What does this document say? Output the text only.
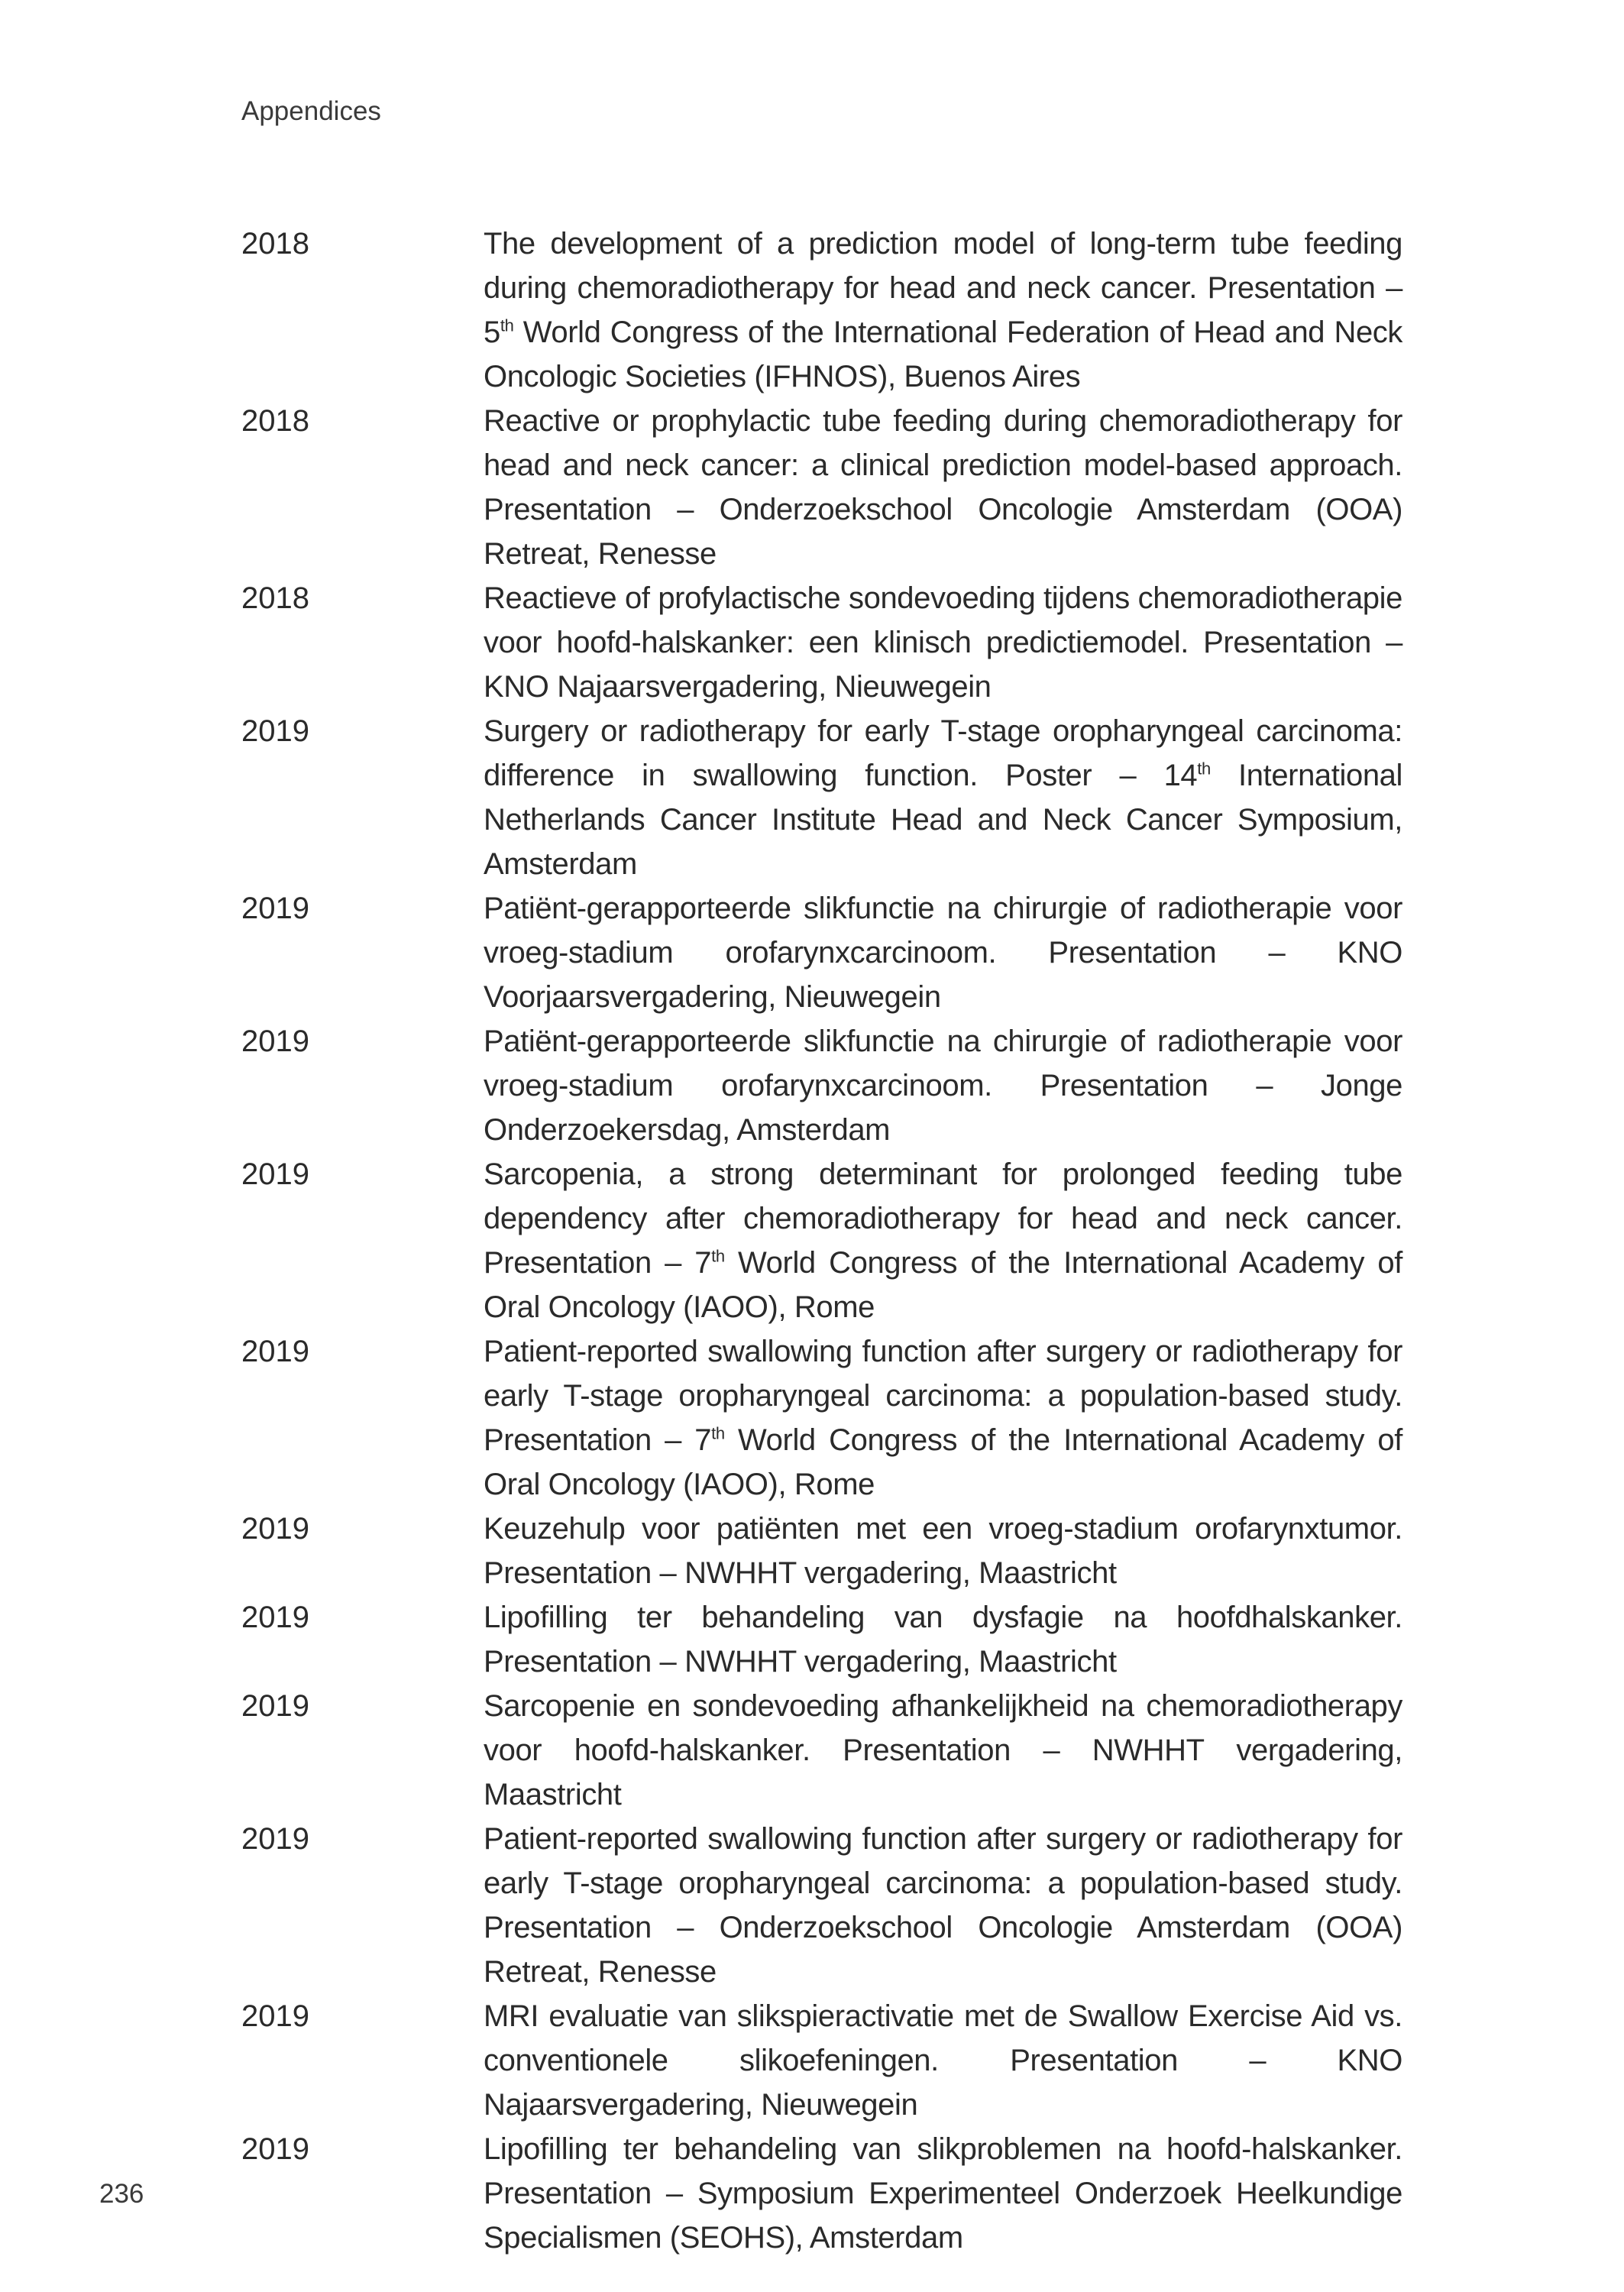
Appendices
2018	The development of a prediction model of long-term tube feeding during chemoradiotherapy for head and neck cancer. Presentation – 5th World Congress of the International Federation of Head and Neck Oncologic Societies (IFHNOS), Buenos Aires
2018	Reactive or prophylactic tube feeding during chemoradiotherapy for head and neck cancer: a clinical prediction model-based approach. Presentation – Onderzoekschool Oncologie Amsterdam (OOA) Retreat, Renesse
2018	Reactieve of profylactische sondevoeding tijdens chemoradiotherapie voor hoofd-halskanker: een klinisch predictiemodel. Presentation – KNO Najaarsvergadering, Nieuwegein
2019	Surgery or radiotherapy for early T-stage oropharyngeal carcinoma: difference in swallowing function. Poster – 14th International Netherlands Cancer Institute Head and Neck Cancer Symposium, Amsterdam
2019	Patiënt-gerapporteerde slikfunctie na chirurgie of radiotherapie voor vroeg-stadium orofarynxcarcinoom. Presentation – KNO Voorjaarsvergadering, Nieuwegein
2019	Patiënt-gerapporteerde slikfunctie na chirurgie of radiotherapie voor vroeg-stadium orofarynxcarcinoom. Presentation – Jonge Onderzoekersdag, Amsterdam
2019	Sarcopenia, a strong determinant for prolonged feeding tube dependency after chemoradiotherapy for head and neck cancer. Presentation – 7th World Congress of the International Academy of Oral Oncology (IAOO), Rome
2019	Patient-reported swallowing function after surgery or radiotherapy for early T-stage oropharyngeal carcinoma: a population-based study. Presentation – 7th World Congress of the International Academy of Oral Oncology (IAOO), Rome
2019	Keuzehulp voor patiënten met een vroeg-stadium orofarynxtumor. Presentation – NWHHT vergadering, Maastricht
2019	Lipofilling ter behandeling van dysfagie na hoofdhalskanker. Presentation – NWHHT vergadering, Maastricht
2019	Sarcopenie en sondevoeding afhankelijkheid na chemoradiotherapy voor hoofd-halskanker. Presentation – NWHHT vergadering, Maastricht
2019	Patient-reported swallowing function after surgery or radiotherapy for early T-stage oropharyngeal carcinoma: a population-based study. Presentation – Onderzoekschool Oncologie Amsterdam (OOA) Retreat, Renesse
2019	MRI evaluatie van slikspieractivatie met de Swallow Exercise Aid vs. conventionele slikoefeningen. Presentation – KNO Najaarsvergadering, Nieuwegein
2019	Lipofilling ter behandeling van slikproblemen na hoofd-halskanker. Presentation – Symposium Experimenteel Onderzoek Heelkundige Specialismen (SEOHS), Amsterdam
236
